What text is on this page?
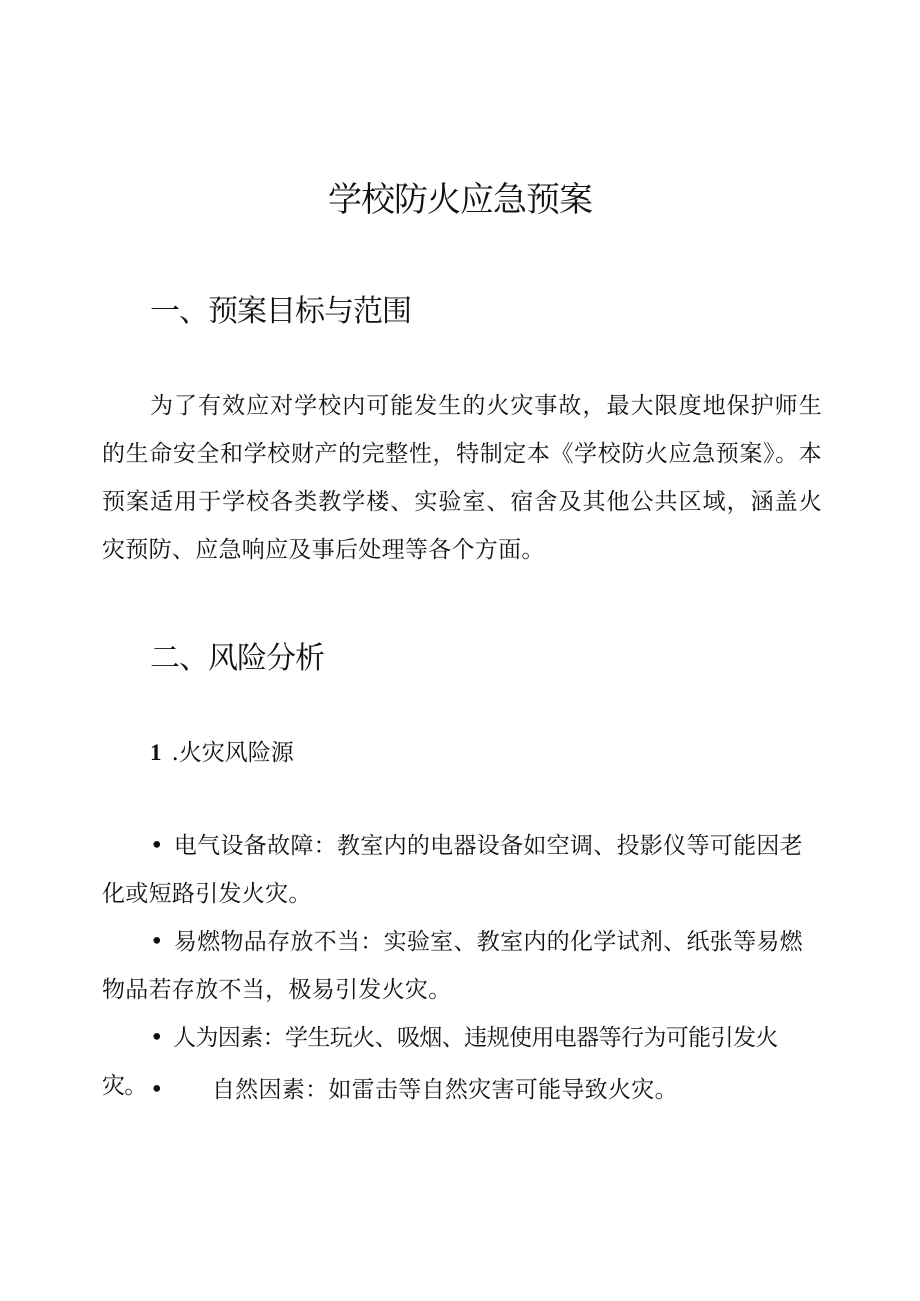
学校防火应急预案
一、预案目标与范围

为了有效应对学校内可能发生的火灾事故，最大限度地保护师生的生命安全和学校财产的完整性，特制定本《学校防火应急预案》。本预案适用于学校各类教学楼、实验室、宿舍及其他公共区域，涵盖火灾预防、应急响应及事后处理等各个方面。

二、风险分析

1 .火灾风险源

• 电气设备故障：教室内的电器设备如空调、投影仪等可能因老化或短路引发火灾。

• 易燃物品存放不当：实验室、教室内的化学试剂、纸张等易燃物品若存放不当，极易引发火灾。

• 人为因素：学生玩火、吸烟、违规使用电器等行为可能引发火灾。 • 自然因素：如雷击等自然灾害可能导致火灾。
